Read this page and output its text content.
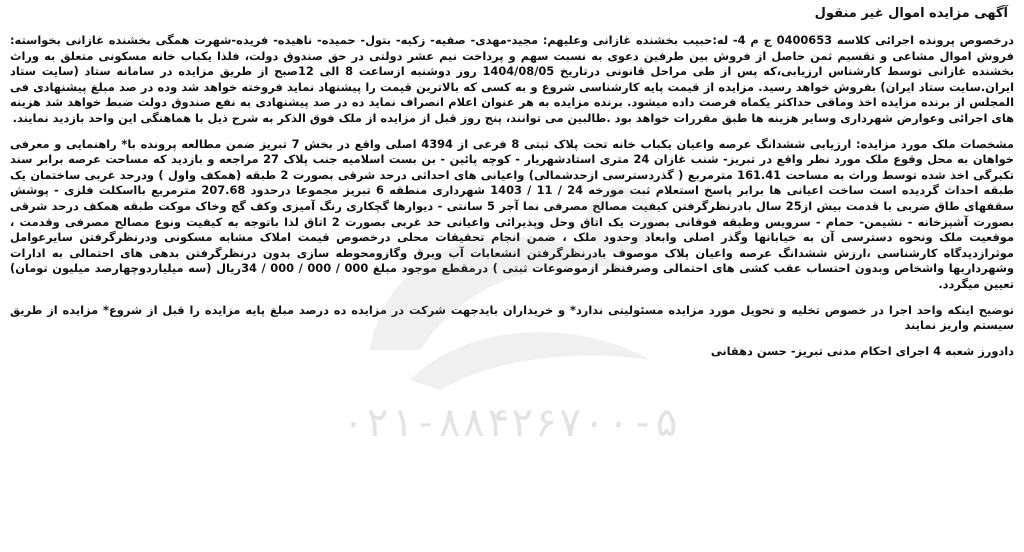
آگهی مزایده اموال غیر منقول
درخصوص پرونده اجرائی کلاسه 0400653 ج م 4- له:حبیب بخشنده غازانی وعلیهم: مجید-مهدی- صفیه- زکیه- بتول- حمیده- ناهیده- فریده-شهرت همگی بخشنده غازانی بخواسته: فروش اموال مشاعی و تقسیم ثمن حاصل از فروش بین طرفین دعوی به نسبت سهم و پرداخت نیم عشر دولتی در حق صندوق دولت، فلذا یکباب خانه مسکونی متعلق به وراث بخشنده غازانی توسط کارشناس ارزیابی،که پس از طی مراحل قانونی درتاریخ 1404/08/05 روز دوشنبه ازساعت 8 الی 12صبح از طریق مزایده در سامانه ستاد (سایت ستاد ایران.سایت ستاد ایران) بفروش خواهد رسید. مزایده از قیمت پایه کارشناسی شروع و به کسی که بالاترین قیمت را پیشنهاد نماید فروخته خواهد شد وده در صد مبلغ پیشنهادی فی المجلس از برنده مزایده اخذ وماقی حداکثر یکماه فرصت داده میشود. برنده مزایده به هر عنوان اعلام انصراف نماید ده در صد پیشنهادی به نفع صندوق دولت ضبط خواهد شد هزینه های اجرائی وعوارض شهرداری وسایر هزینه ها طبق مقررات خواهد بود .طالبین می توانند، پنج روز قبل از مزایده از ملک فوق الذکر به شرح ذیل با هماهنگی این واحد بازدید نمایند.
مشخصات ملک مورد مزایده: ارزیابی ششدانگ عرصه واعیان یکباب خانه تحت پلاک ثبتی 8 فرعی از 4394 اصلی واقع در بخش 7 تبریز ضمن مطالعه پرونده با* راهنمایی و معرفی خواهان به محل وقوع ملک مورد نظر واقع در تبریز- شنب غازان 24 متری استادشهریار - کوچه پائین - بن بست اسلامیه جنب پلاک 27 مراجعه و بازدید که مساحت عرصه برابر سند تکبرگی اخذ شده توسط وراث به مساحت 161.41 مترمربع ( گذردسترسی ازحدشمالی) واعیانی های احداثی درحد شرقی بصورت 2 طبقه (همکف واول ) ودرحد غربی ساختمان یک طبقه احداث گردیده است ساخت اعیانی ها برابر پاسخ استعلام ثبت مورخه 24 / 11 / 1403 شهرداری منطقه 6 تبریز مجموعا درحدود 207.68 مترمربع بااسکلت فلزی - پوشش سقفهای طاق ضربی با قدمت بیش از25 سال بادرنظرگرفتن کیفیت مصالح مصرفی نما آجر 5 سانتی - دیوارها گچکاری رنگ آمیزی وکف گچ وخاک موکت طبقه همکف درحد شرقی بصورت آشپزخانه - نشیمن- حمام - سرویس وطبقه فوقانی بصورت یک اتاق وحل وپذیرائی واعیانی حد غربی بصورت 2 اتاق لذا باتوجه به کیفیت ونوع مصالح مصرفی وقدمت ، موقعیت ملک ونحوه دسترسی آن به خیابانها وگذر اصلی وابعاد وحدود ملک ، ضمن انجام تحقیقات محلی درخصوص قیمت املاک مشابه مسکونی ودرنظرگرفتن سایرعوامل موثرازدیدگاه کارشناسی ،ارزش ششدانگ عرصه واعیان پلاک موصوف بادرنظرگرفتن انشعابات آب وبرق وگازومحوطه سازی بدون درنظرگرفتن بدهی های احتمالی به ادارات وشهرداریها واشخاص وبدون احتساب عقب کشی های احتمالی وصرفنظر ازموضوعات ثبتی ) درمقطع موجود مبلغ 000 / 000 / 000 / 34ریال (سه میلیاردوچهارصد میلیون تومان) تعیین میگردد.
توضیح اینکه واحد اجرا در خصوص تخلیه و تحویل مورد مزایده مسئولیتی ندارد* و خریداران بایدجهت شرکت در مزایده ده درصد مبلغ پایه مزایده را قبل از شروع* مزایده از طریق سیستم واریز نمایند
دادورز شعبه 4 اجرای احکام مدنی تبریز- حسن دهقانی
۰۲۱-۸۸۴۲۶۷۰۰-۵
